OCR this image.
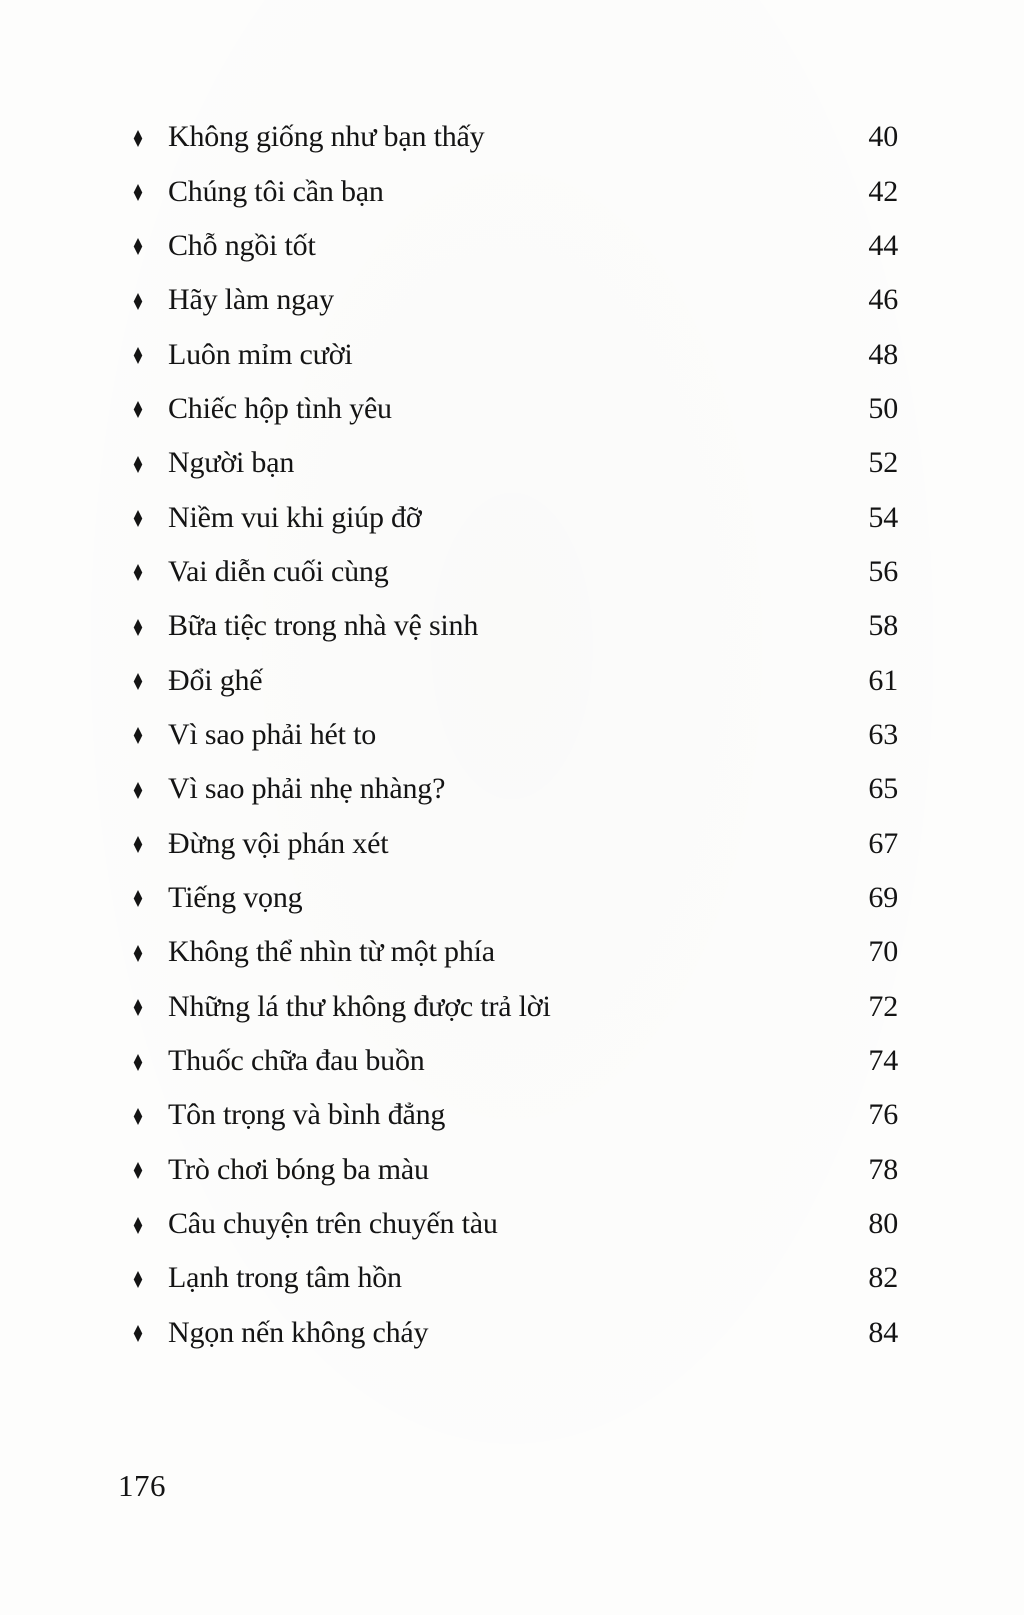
Không giống như bạn thấy	40
Chúng tôi cần bạn	42
Chỗ ngồi tốt	44
Hãy làm ngay	46
Luôn mỉm cười	48
Chiếc hộp tình yêu	50
Người bạn	52
Niềm vui khi giúp đỡ	54
Vai diễn cuối cùng	56
Bữa tiệc trong nhà vệ sinh	58
Đổi ghế	61
Vì sao phải hét to	63
Vì sao phải nhẹ nhàng?	65
Đừng vội phán xét	67
Tiếng vọng	69
Không thể nhìn từ một phía	70
Những lá thư không được trả lời	72
Thuốc chữa đau buồn	74
Tôn trọng và bình đẳng	76
Trò chơi bóng ba màu	78
Câu chuyện trên chuyến tàu	80
Lạnh trong tâm hồn	82
Ngọn nến không cháy	84
176
